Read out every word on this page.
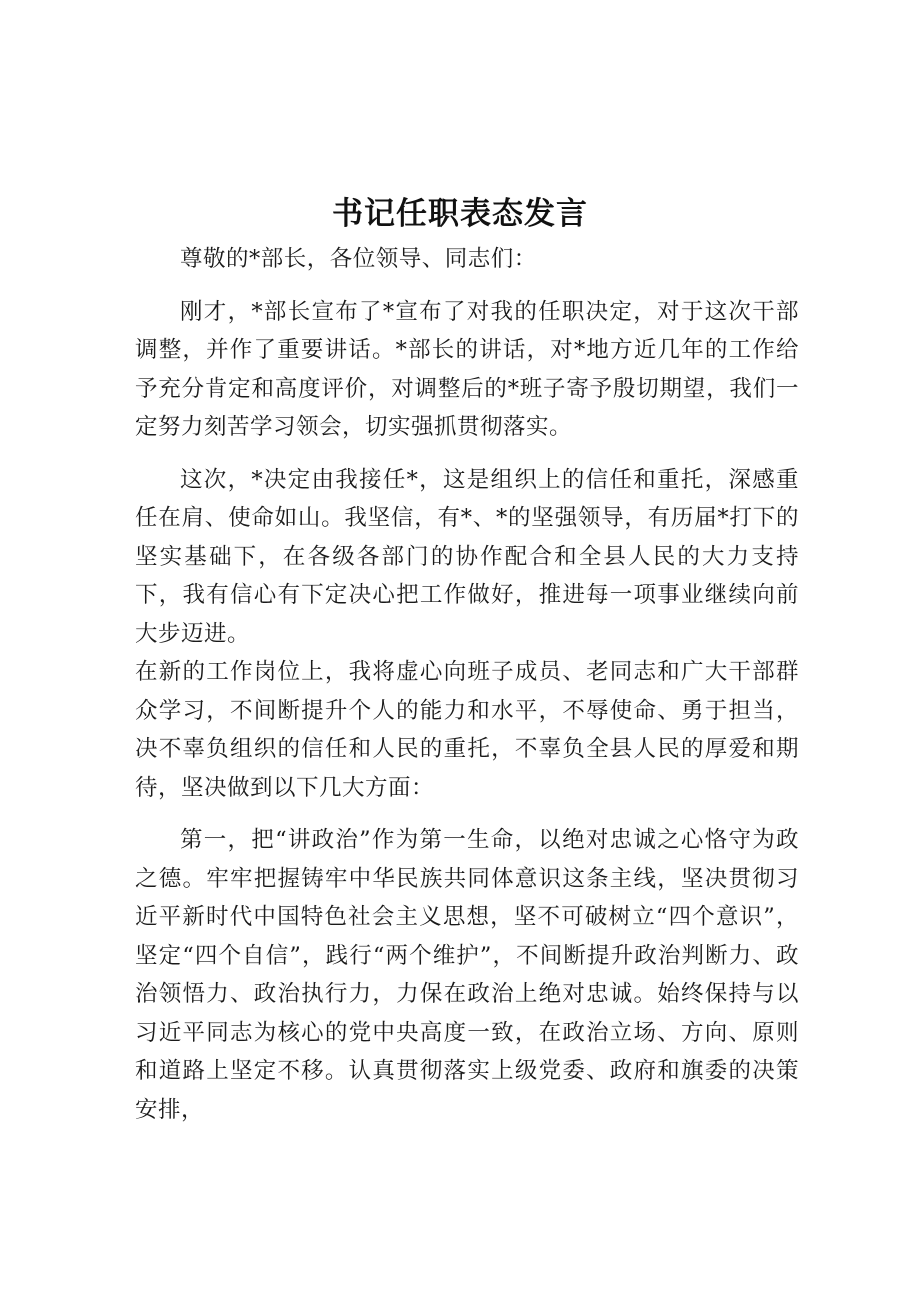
书记任职表态发言

尊敬的*部长，各位领导、同志们：

刚才，*部长宣布了*宣布了对我的任职决定，对于这次干部调整，并作了重要讲话。*部长的讲话，对*地方近几年的工作给予充分肯定和高度评价，对调整后的*班子寄予殷切期望，我们一定努力刻苦学习领会，切实强抓贯彻落实。

这次，*决定由我接任*，这是组织上的信任和重托，深感重任在肩、使命如山。我坚信，有*、*的坚强领导，有历届*打下的坚实基础下，在各级各部门的协作配合和全县人民的大力支持下，我有信心有下定决心把工作做好，推进每一项事业继续向前大步迈进。

在新的工作岗位上，我将虚心向班子成员、老同志和广大干部群众学习，不间断提升个人的能力和水平，不辱使命、勇于担当，决不辜负组织的信任和人民的重托，不辜负全县人民的厚爱和期待，坚决做到以下几大方面：

第一，把“讲政治”作为第一生命，以绝对忠诚之心恪守为政之德。牢牢把握铸牢中华民族共同体意识这条主线，坚决贯彻习近平新时代中国特色社会主义思想，坚不可破树立“四个意识”，坚定“四个自信”，践行“两个维护”，不间断提升政治判断力、政治领悟力、政治执行力，力保在政治上绝对忠诚。始终保持与以习近平同志为核心的党中央高度一致，在政治立场、方向、原则和道路上坚定不移。认真贯彻落实上级党委、政府和旗委的决策安排，
